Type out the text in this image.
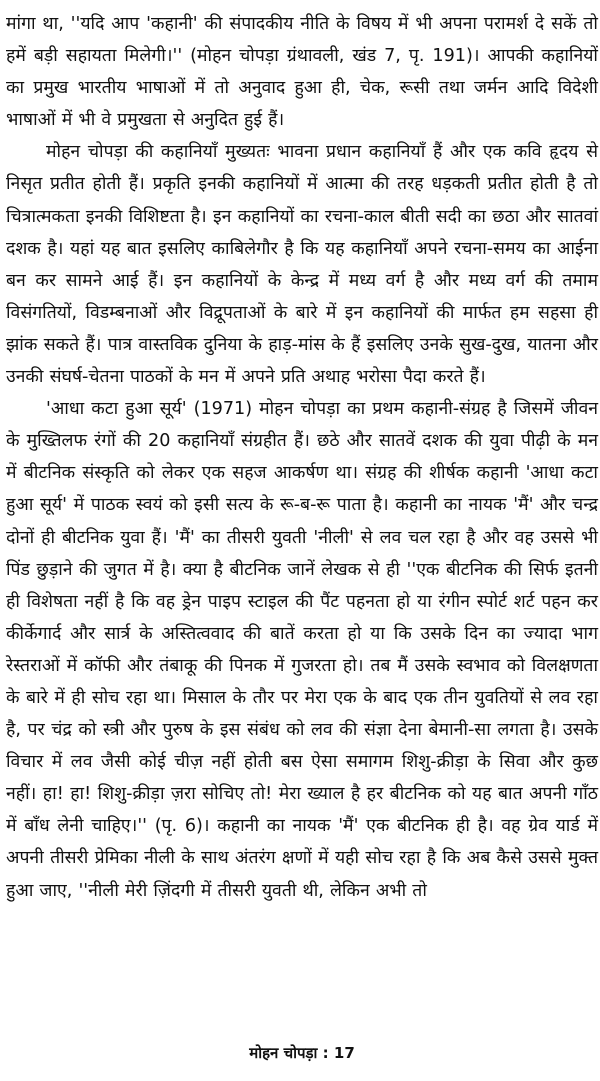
मांगा था, ''यदि आप 'कहानी' की संपादकीय नीति के विषय में भी अपना परामर्श दे सकें तो हमें बड़ी सहायता मिलेगी।'' (मोहन चोपड़ा ग्रंथावली, खंड 7, पृ. 191)। आपकी कहानियों का प्रमुख भारतीय भाषाओं में तो अनुवाद हुआ ही, चेक, रूसी तथा जर्मन आदि विदेशी भाषाओं में भी वे प्रमुखता से अनुदित हुई हैं।

मोहन चोपड़ा की कहानियाँ मुख्यतः भावना प्रधान कहानियाँ हैं और एक कवि हृदय से निसृत प्रतीत होती हैं। प्रकृति इनकी कहानियों में आत्मा की तरह धड़कती प्रतीत होती है तो चित्रात्मकता इनकी विशिष्टता है। इन कहानियों का रचना-काल बीती सदी का छठा और सातवां दशक है। यहां यह बात इसलिए काबिलेगौर है कि यह कहानियाँ अपने रचना-समय का आईना बन कर सामने आई हैं। इन कहानियों के केन्द्र में मध्य वर्ग है और मध्य वर्ग की तमाम विसंगतियों, विडम्बनाओं और विद्रूपताओं के बारे में इन कहानियों की मार्फत हम सहसा ही झांक सकते हैं। पात्र वास्तविक दुनिया के हाड़-मांस के हैं इसलिए उनके सुख-दुख, यातना और उनकी संघर्ष-चेतना पाठकों के मन में अपने प्रति अथाह भरोसा पैदा करते हैं।

'आधा कटा हुआ सूर्य' (1971) मोहन चोपड़ा का प्रथम कहानी-संग्रह है जिसमें जीवन के मुख्तिलफ रंगों की 20 कहानियाँ संग्रहीत हैं। छठे और सातवें दशक की युवा पीढ़ी के मन में बीटनिक संस्कृति को लेकर एक सहज आकर्षण था। संग्रह की शीर्षक कहानी 'आधा कटा हुआ सूर्य' में पाठक स्वयं को इसी सत्य के रू-ब-रू पाता है। कहानी का नायक 'मैं' और चन्द्र दोनों ही बीटनिक युवा हैं। 'मैं' का तीसरी युवती 'नीली' से लव चल रहा है और वह उससे भी पिंड छुड़ाने की जुगत में है। क्या है बीटनिक जानें लेखक से ही ''एक बीटनिक की सिर्फ इतनी ही विशेषता नहीं है कि वह ड्रेन पाइप स्टाइल की पैंट पहनता हो या रंगीन स्पोर्ट शर्ट पहन कर कीर्केगार्द और सार्त्र के अस्तित्ववाद की बातें करता हो या कि उसके दिन का ज्यादा भाग रेस्तराओं में कॉफी और तंबाकू की पिनक में गुजरता हो। तब मैं उसके स्वभाव को विलक्षणता के बारे में ही सोच रहा था। मिसाल के तौर पर मेरा एक के बाद एक तीन युवतियों से लव रहा है, पर चंद्र को स्त्री और पुरुष के इस संबंध को लव की संज्ञा देना बेमानी-सा लगता है। उसके विचार में लव जैसी कोई चीज़ नहीं होती बस ऐसा समागम शिशु-क्रीड़ा के सिवा और कुछ नहीं। हा! हा! शिशु-क्रीड़ा ज़रा सोचिए तो! मेरा ख्याल है हर बीटनिक को यह बात अपनी गाँठ में बाँध लेनी चाहिए।'' (पृ. 6)। कहानी का नायक 'मैं' एक बीटनिक ही है। वह ग्रेव यार्ड में अपनी तीसरी प्रेमिका नीली के साथ अंतरंग क्षणों में यही सोच रहा है कि अब कैसे उससे मुक्त हुआ जाए, ''नीली मेरी ज़िंदगी में तीसरी युवती थी, लेकिन अभी तो

मोहन चोपड़ा : 17
